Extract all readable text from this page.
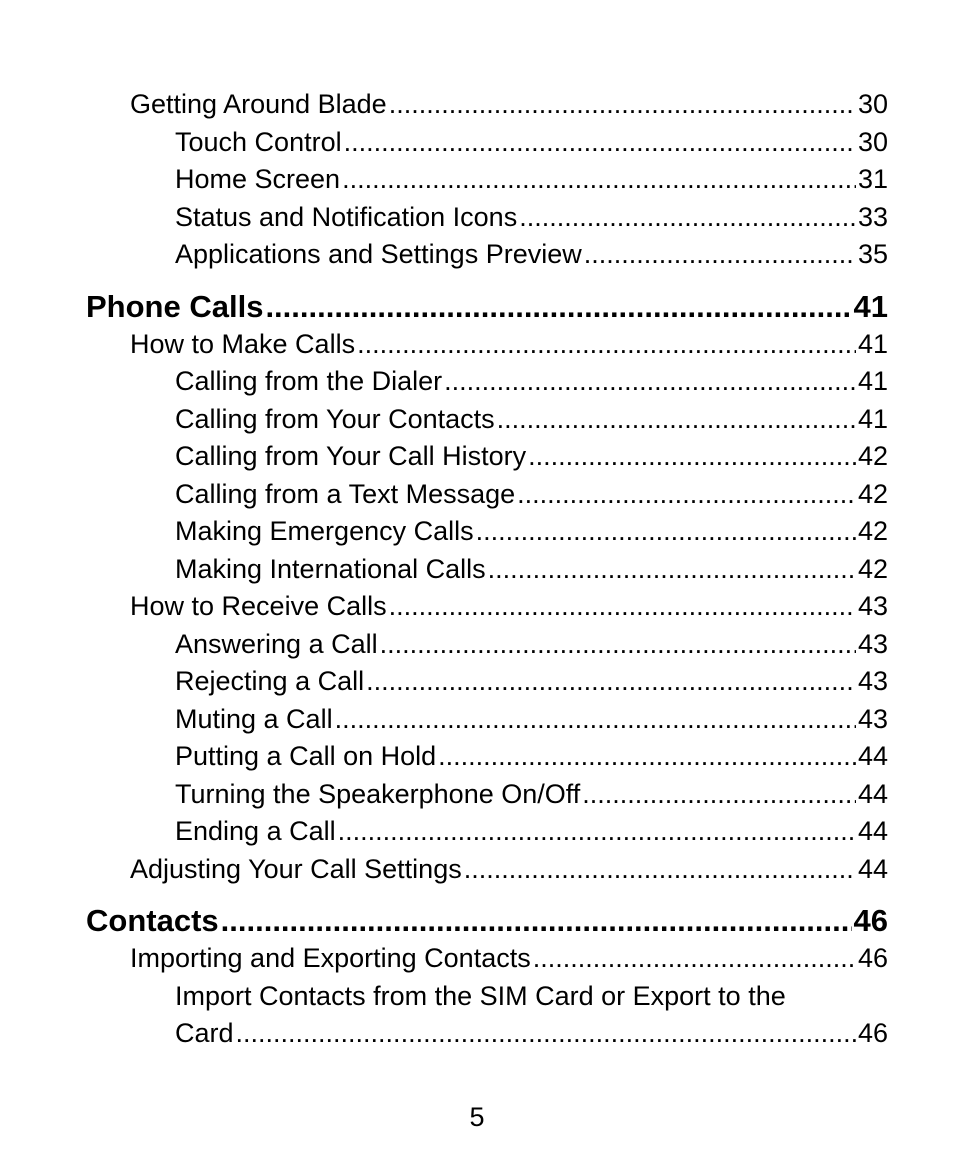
Getting Around Blade .....	30
Touch Control .....	30
Home Screen .....	31
Status and Notification Icons .....	33
Applications and Settings Preview .....	35
Phone Calls .....	41
How to Make Calls .....	41
Calling from the Dialer .....	41
Calling from Your Contacts .....	41
Calling from Your Call History .....	42
Calling from a Text Message .....	42
Making Emergency Calls .....	42
Making International Calls .....	42
How to Receive Calls .....	43
Answering a Call .....	43
Rejecting a Call .....	43
Muting a Call .....	43
Putting a Call on Hold .....	44
Turning the Speakerphone On/Off .....	44
Ending a Call .....	44
Adjusting Your Call Settings .....	44
Contacts .....	46
Importing and Exporting Contacts .....	46
Import Contacts from the SIM Card or Export to the
Card .....	46
5
